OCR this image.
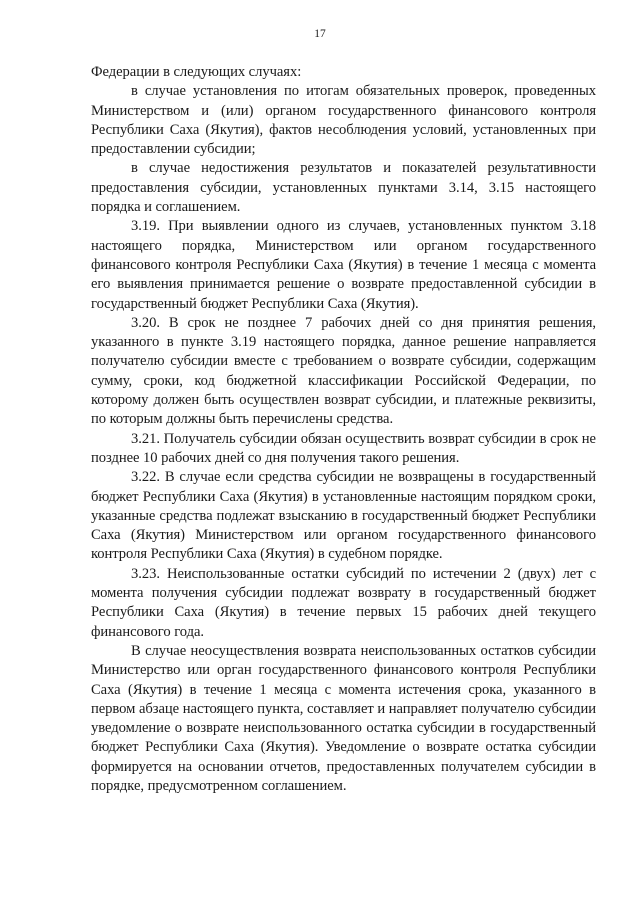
17

Федерации в следующих случаях:

в случае установления по итогам обязательных проверок, проведенных Министерством и (или) органом государственного финансового контроля Республики Саха (Якутия), фактов несоблюдения условий, установленных при предоставлении субсидии;

в случае недостижения результатов и показателей результативности предоставления субсидии, установленных пунктами 3.14, 3.15 настоящего порядка и соглашением.

3.19. При выявлении одного из случаев, установленных пунктом 3.18 настоящего порядка, Министерством или органом государственного финансового контроля Республики Саха (Якутия) в течение 1 месяца с момента его выявления принимается решение о возврате предоставленной субсидии в государственный бюджет Республики Саха (Якутия).

3.20. В срок не позднее 7 рабочих дней со дня принятия решения, указанного в пункте 3.19 настоящего порядка, данное решение направляется получателю субсидии вместе с требованием о возврате субсидии, содержащим сумму, сроки, код бюджетной классификации Российской Федерации, по которому должен быть осуществлен возврат субсидии, и платежные реквизиты, по которым должны быть перечислены средства.

3.21. Получатель субсидии обязан осуществить возврат субсидии в срок не позднее 10 рабочих дней со дня получения такого решения.

3.22. В случае если средства субсидии не возвращены в государственный бюджет Республики Саха (Якутия) в установленные настоящим порядком сроки, указанные средства подлежат взысканию в государственный бюджет Республики Саха (Якутия) Министерством или органом государственного финансового контроля Республики Саха (Якутия) в судебном порядке.

3.23. Неиспользованные остатки субсидий по истечении 2 (двух) лет с момента получения субсидии подлежат возврату в государственный бюджет Республики Саха (Якутия) в течение первых 15 рабочих дней текущего финансового года.

В случае неосуществления возврата неиспользованных остатков субсидии Министерство или орган государственного финансового контроля Республики Саха (Якутия) в течение 1 месяца с момента истечения срока, указанного в первом абзаце настоящего пункта, составляет и направляет получателю субсидии уведомление о возврате неиспользованного остатка субсидии в государственный бюджет Республики Саха (Якутия). Уведомление о возврате остатка субсидии формируется на основании отчетов, предоставленных получателем субсидии в порядке, предусмотренном соглашением.
